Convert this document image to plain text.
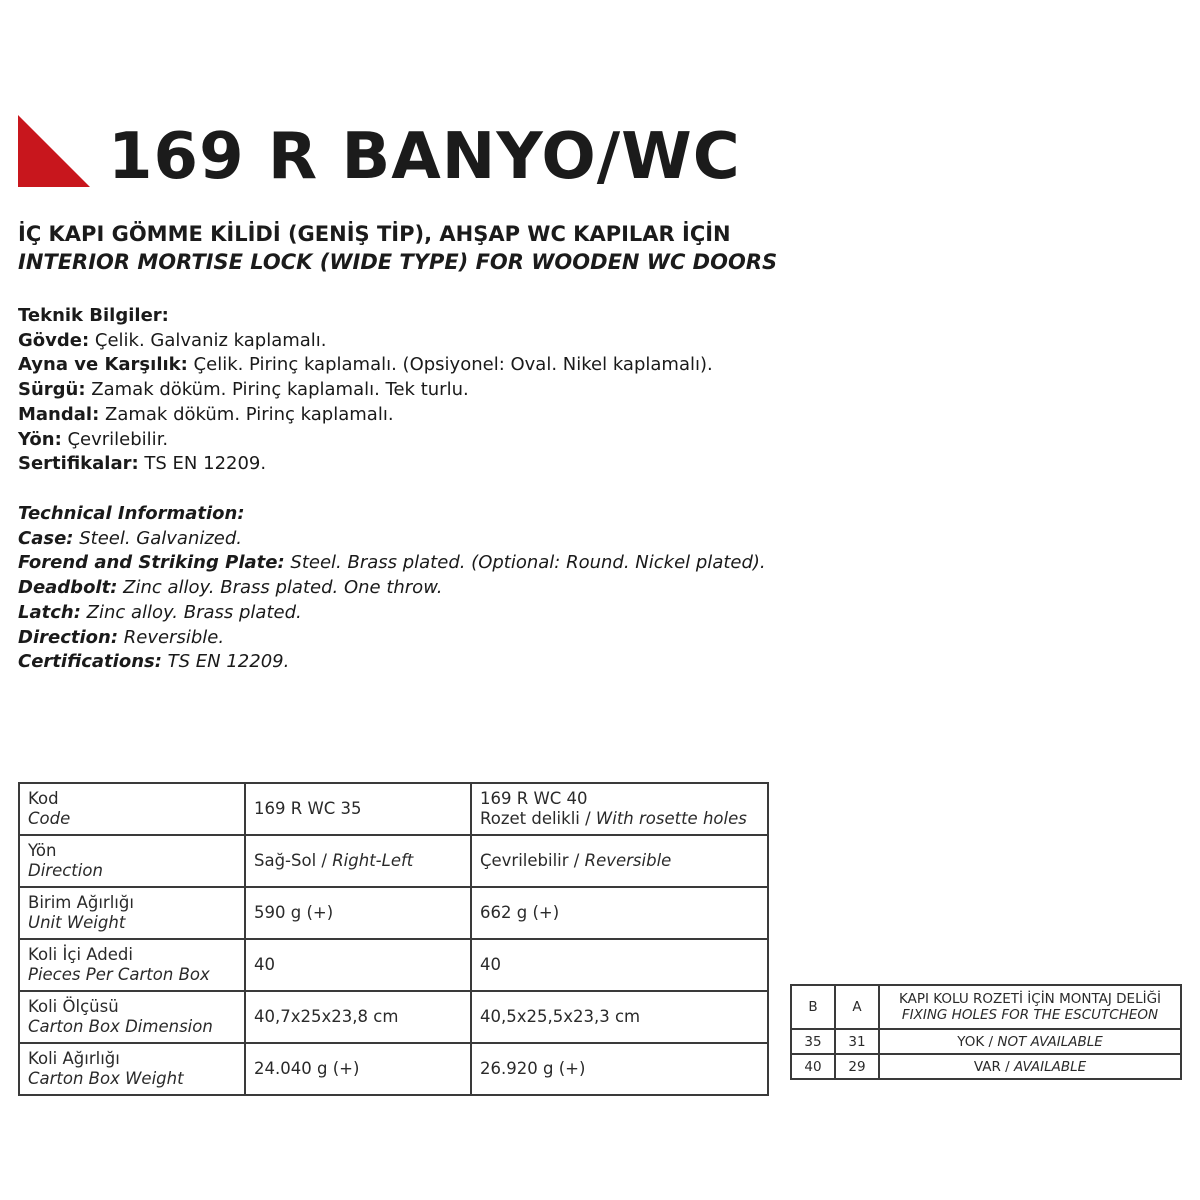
169 R BANYO/WC
İÇ KAPI GÖMME KİLİDİ (GENİŞ TİP), AHŞAP WC KAPILAR İÇİN
INTERIOR MORTISE LOCK (WIDE TYPE) FOR WOODEN WC DOORS
Teknik Bilgiler:
Gövde: Çelik. Galvaniz kaplamalı.
Ayna ve Karşılık: Çelik. Pirinç kaplamalı. (Opsiyonel: Oval. Nikel kaplamalı).
Sürgü: Zamak döküm. Pirinç kaplamalı. Tek turlu.
Mandal: Zamak döküm. Pirinç kaplamalı.
Yön: Çevrilebilir.
Sertifikalar: TS EN 12209.
Technical Information:
Case: Steel. Galvanized.
Forend and Striking Plate: Steel. Brass plated. (Optional: Round. Nickel plated).
Deadbolt: Zinc alloy. Brass plated. One throw.
Latch: Zinc alloy. Brass plated.
Direction: Reversible.
Certifications: TS EN 12209.
Kod
Code	169 R WC 35	169 R WC 40
Rozet delikli / With rosette holes

Yön
Direction	Sağ-Sol / Right-Left	Çevrilebilir / Reversible

Birim Ağırlığı
Unit Weight	590 g (+)	662 g (+)

Koli İçi Adedi
Pieces Per Carton Box	40	40

Koli Ölçüsü
Carton Box Dimension	40,7x25x23,8 cm	40,5x25,5x23,3 cm

Koli Ağırlığı
Carton Box Weight	24.040 g (+)	26.920 g (+)
B	A	KAPI KOLU ROZETİ İÇİN MONTAJ DELİĞİ
FIXING HOLES FOR THE ESCUTCHEON

35	31	YOK / NOT AVAILABLE
40	29	VAR / AVAILABLE
